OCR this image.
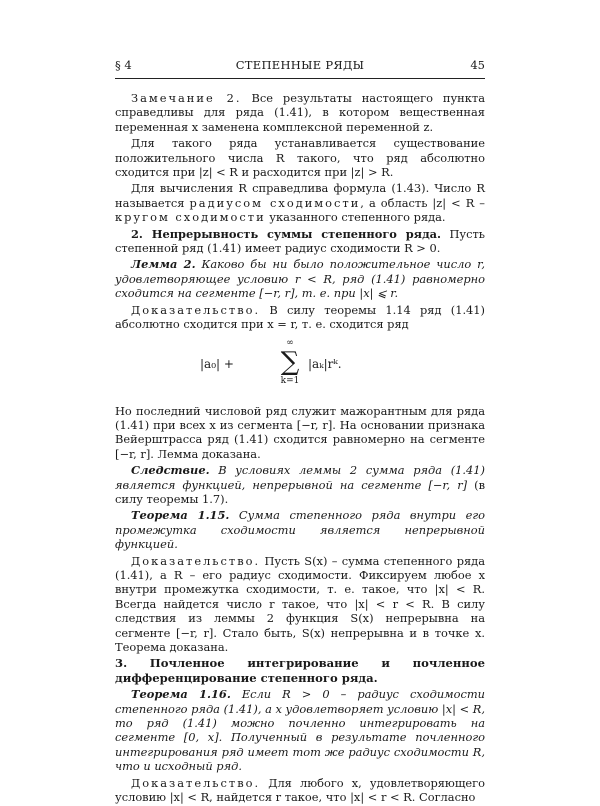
§ 4	СТЕПЕННЫЕ РЯДЫ	45

Замечание 2. Все результаты настоящего пункта справедливы для ряда (1.41), в котором вещественная переменная x заменена комплексной переменной z.

Для такого ряда устанавливается существование положительного числа R такого, что ряд абсолютно сходится при |z| < R и расходится при |z| > R.

Для вычисления R справедлива формула (1.43). Число R называется радиусом сходимости, а область |z| < R – кругом сходимости указанного степенного ряда.

2. Непрерывность суммы степенного ряда. Пусть степенной ряд (1.41) имеет радиус сходимости R > 0.

Лемма 2. Каково бы ни было положительное число r, удовлетворяющее условию r < R, ряд (1.41) равномерно сходится на сегменте [−r, r], т. е. при |x| ⩽ r.

Доказательство. В силу теоремы 1.14 ряд (1.41) абсолютно сходится при x = r, т. е. сходится ряд

|a₀| +
∞
∑
k=1
|aₖ|rᵏ.

Но последний числовой ряд служит мажорантным для ряда (1.41) при всех x из сегмента [−r, r]. На основании признака Вейерштрасса ряд (1.41) сходится равномерно на сегменте [−r, r]. Лемма доказана.

Следствие. В условиях леммы 2 сумма ряда (1.41) является функцией, непрерывной на сегменте [−r, r] (в силу теоремы 1.7).

Теорема 1.15. Сумма степенного ряда внутри его промежутка сходимости является непрерывной функцией.

Доказательство. Пусть S(x) – сумма степенного ряда (1.41), а R – его радиус сходимости. Фиксируем любое x внутри промежутка сходимости, т. е. такое, что |x| < R. Всегда найдется число r такое, что |x| < r < R. В силу следствия из леммы 2 функция S(x) непрерывна на сегменте [−r, r]. Стало быть, S(x) непрерывна и в точке x. Теорема доказана.

3. Почленное интегрирование и почленное дифференцирование степенного ряда.

Теорема 1.16. Если R > 0 – радиус сходимости степенного ряда (1.41), а x удовлетворяет условию |x| < R, то ряд (1.41) можно почленно интегрировать на сегменте [0, x]. Полученный в результате почленного интегрирования ряд имеет тот же радиус сходимости R, что и исходный ряд.

Доказательство. Для любого x, удовлетворяющего условию |x| < R, найдется r такое, что |x| < r < R. Согласно
